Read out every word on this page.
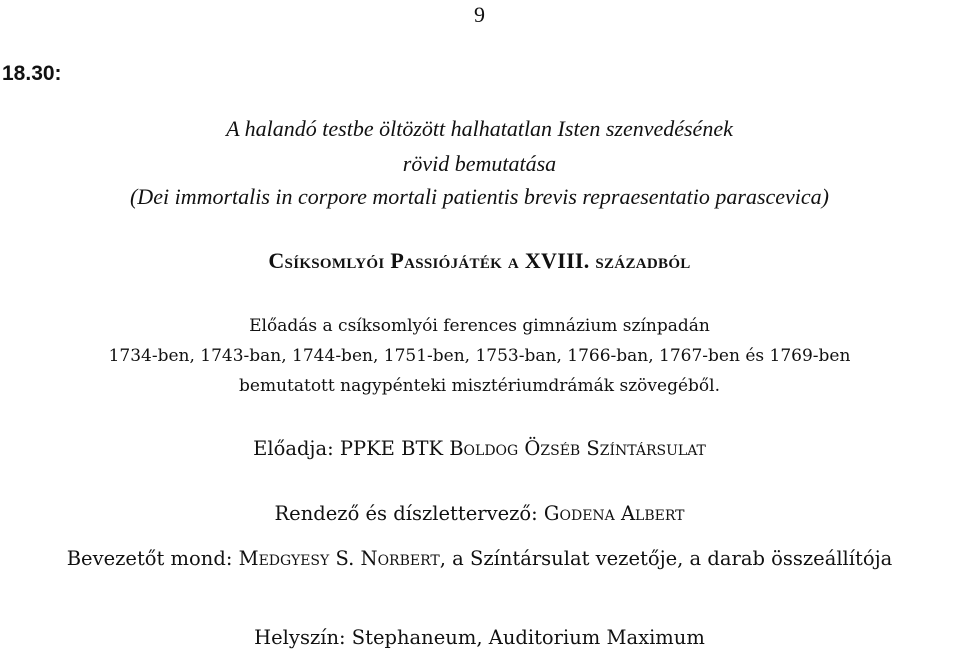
9
18.30:
A halandó testbe öltözött halhatatlan Isten szenvedésének
rövid bemutatása
(Dei immortalis in corpore mortali patientis brevis repraesentatio parascevica)
Csíksomlyói Passiójáték a XVIII. századból
Előadás a csíksomlyói ferences gimnázium színpadán
1734-ben, 1743-ban, 1744-ben, 1751-ben, 1753-ban, 1766-ban, 1767-ben és 1769-ben
bemutatott nagypénteki misztériumdrámák szövegéből.
Előadja: PPKE BTK Boldog Özséb Színtársulat
Rendező és díszlettervező: Godena Albert
Bevezetőt mond: Medgyesy S. Norbert, a Színtársulat vezetője, a darab összeállítója
Helyszín: Stephaneum, Auditorium Maximum
